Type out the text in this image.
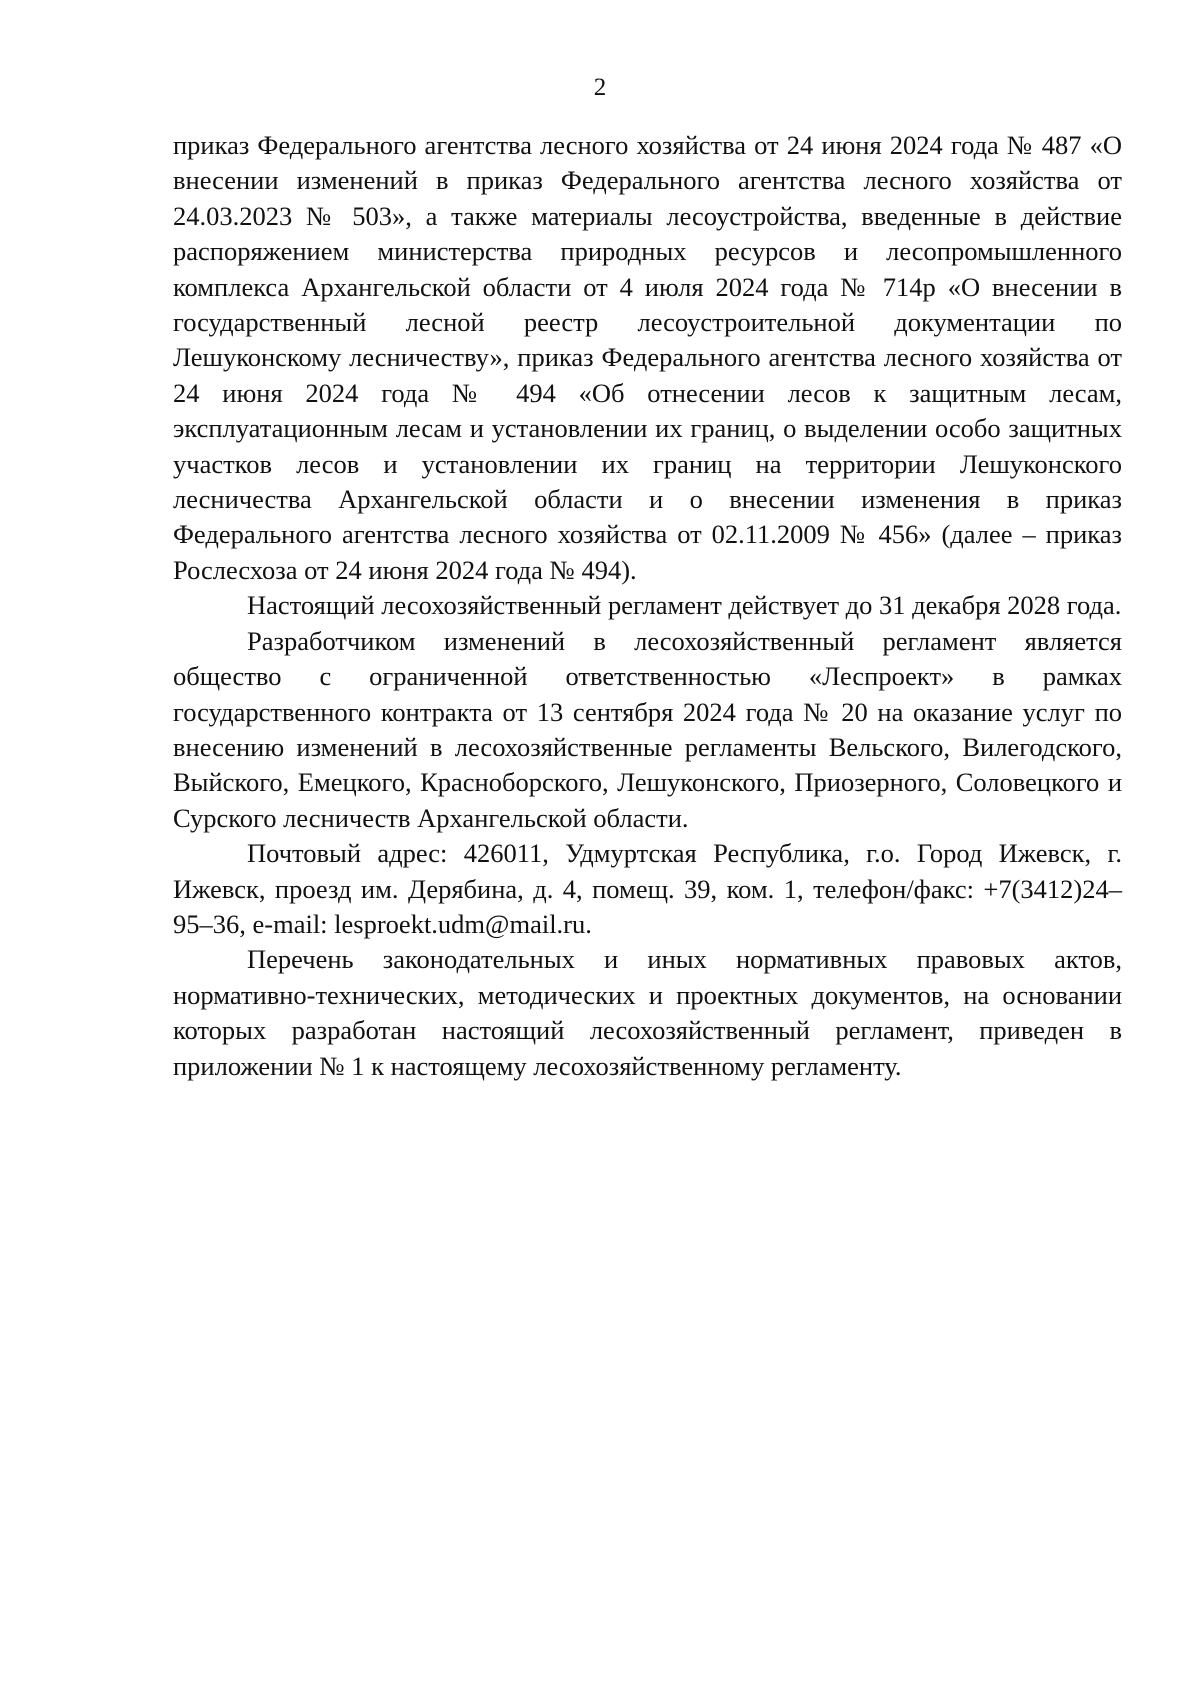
2

приказ Федерального агентства лесного хозяйства от 24 июня 2024 года № 487 «О внесении изменений в приказ Федерального агентства лесного хозяйства от 24.03.2023 № 503», а также материалы лесоустройства, введенные в действие распоряжением министерства природных ресурсов и лесопромышленного комплекса Архангельской области от 4 июля 2024 года № 714р «О внесении в государственный лесной реестр лесоустроительной документации по Лешуконскому лесничеству», приказ Федерального агентства лесного хозяйства от 24 июня 2024 года № 494 «Об отнесении лесов к защитным лесам, эксплуатационным лесам и установлении их границ, о выделении особо защитных участков лесов и установлении их границ на территории Лешуконского лесничества Архангельской области и о внесении изменения в приказ Федерального агентства лесного хозяйства от 02.11.2009 № 456» (далее – приказ Рослесхоза от 24 июня 2024 года № 494).

Настоящий лесохозяйственный регламент действует до 31 декабря 2028 года.

Разработчиком изменений в лесохозяйственный регламент является общество с ограниченной ответственностью «Леспроект» в рамках государственного контракта от 13 сентября 2024 года № 20 на оказание услуг по внесению изменений в лесохозяйственные регламенты Вельского, Вилегодского, Выйского, Емецкого, Красноборского, Лешуконского, Приозерного, Соловецкого и Сурского лесничеств Архангельской области.

Почтовый адрес: 426011, Удмуртская Республика, г.о. Город Ижевск, г. Ижевск, проезд им. Дерябина, д. 4, помещ. 39, ком. 1, телефон/факс: +7(3412)24–95–36, e-mail: lesproekt.udm@mail.ru.

Перечень законодательных и иных нормативных правовых актов, нормативно-технических, методических и проектных документов, на основании которых разработан настоящий лесохозяйственный регламент, приведен в приложении № 1 к настоящему лесохозяйственному регламенту.
